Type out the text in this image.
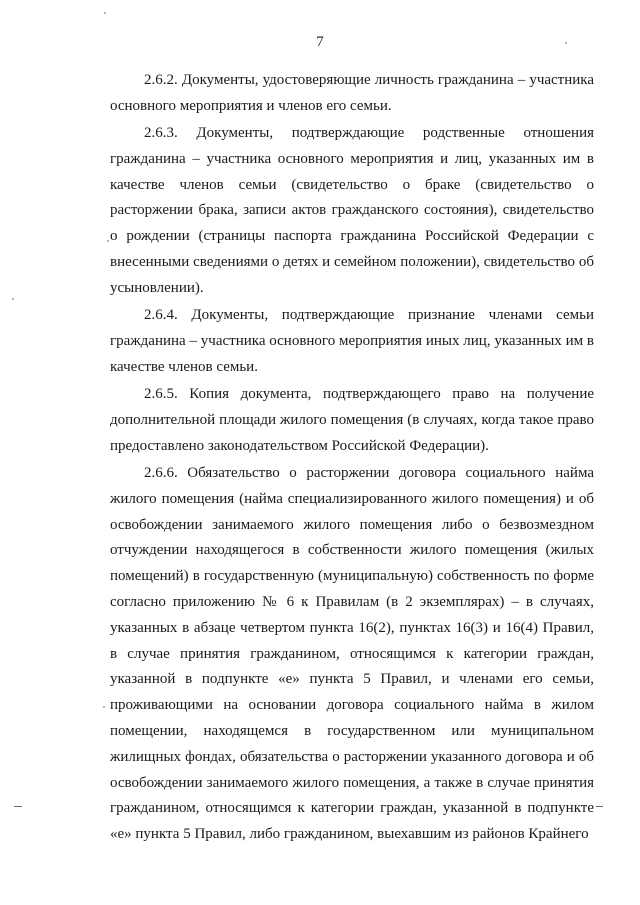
7

2.6.2. Документы, удостоверяющие личность гражданина – участника основного мероприятия и членов его семьи.

2.6.3. Документы, подтверждающие родственные отношения гражданина – участника основного мероприятия и лиц, указанных им в качестве членов семьи (свидетельство о браке (свидетельство о расторжении брака, записи актов гражданского состояния), свидетельство о рождении (страницы паспорта гражданина Российской Федерации с внесенными сведениями о детях и семейном положении), свидетельство об усыновлении).

2.6.4. Документы, подтверждающие признание членами семьи гражданина – участника основного мероприятия иных лиц, указанных им в качестве членов семьи.

2.6.5. Копия документа, подтверждающего право на получение дополнительной площади жилого помещения (в случаях, когда такое право предоставлено законодательством Российской Федерации).

2.6.6. Обязательство о расторжении договора социального найма жилого помещения (найма специализированного жилого помещения) и об освобождении занимаемого жилого помещения либо о безвозмездном отчуждении находящегося в собственности жилого помещения (жилых помещений) в государственную (муниципальную) собственность по форме согласно приложению № 6 к Правилам (в 2 экземплярах) – в случаях, указанных в абзаце четвертом пункта 16(2), пунктах 16(3) и 16(4) Правил, в случае принятия гражданином, относящимся к категории граждан, указанной в подпункте «е» пункта 5 Правил, и членами его семьи, проживающими на основании договора социального найма в жилом помещении, находящемся в государственном или муниципальном жилищных фондах, обязательства о расторжении указанного договора и об освобождении занимаемого жилого помещения, а также в случае принятия гражданином, относящимся к категории граждан, указанной в подпункте «е» пункта 5 Правил, либо гражданином, выехавшим из районов Крайнего
